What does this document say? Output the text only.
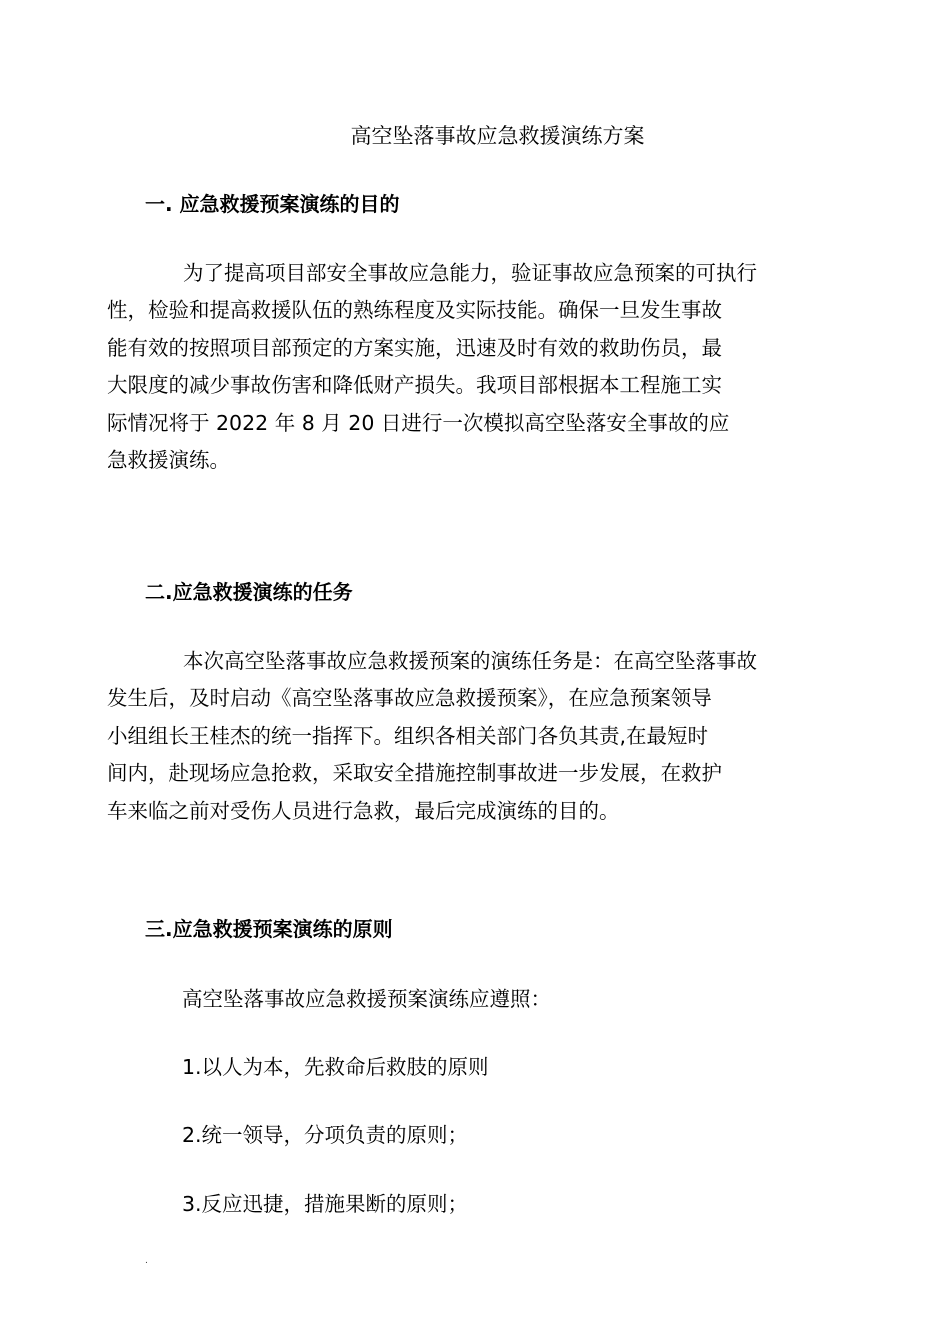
高空坠落事故应急救援演练方案
一. 应急救援预案演练的目的
为了提高项目部安全事故应急能力，验证事故应急预案的可执行
性，检验和提高救援队伍的熟练程度及实际技能。确保一旦发生事故
能有效的按照项目部预定的方案实施，迅速及时有效的救助伤员，最
大限度的减少事故伤害和降低财产损失。我项目部根据本工程施工实
际情况将于 2022 年 8 月 20 日进行一次模拟高空坠落安全事故的应
急救援演练。
二.应急救援演练的任务
本次高空坠落事故应急救援预案的演练任务是：在高空坠落事故
发生后，及时启动《高空坠落事故应急救援预案》，在应急预案领导
小组组长王桂杰的统一指挥下。组织各相关部门各负其责,在最短时
间内，赴现场应急抢救，采取安全措施控制事故进一步发展，在救护
车来临之前对受伤人员进行急救，最后完成演练的目的。
三.应急救援预案演练的原则

高空坠落事故应急救援预案演练应遵照：

1.以人为本，先救命后救肢的原则

2.统一领导，分项负责的原则；

3.反应迅捷，措施果断的原则；

.
